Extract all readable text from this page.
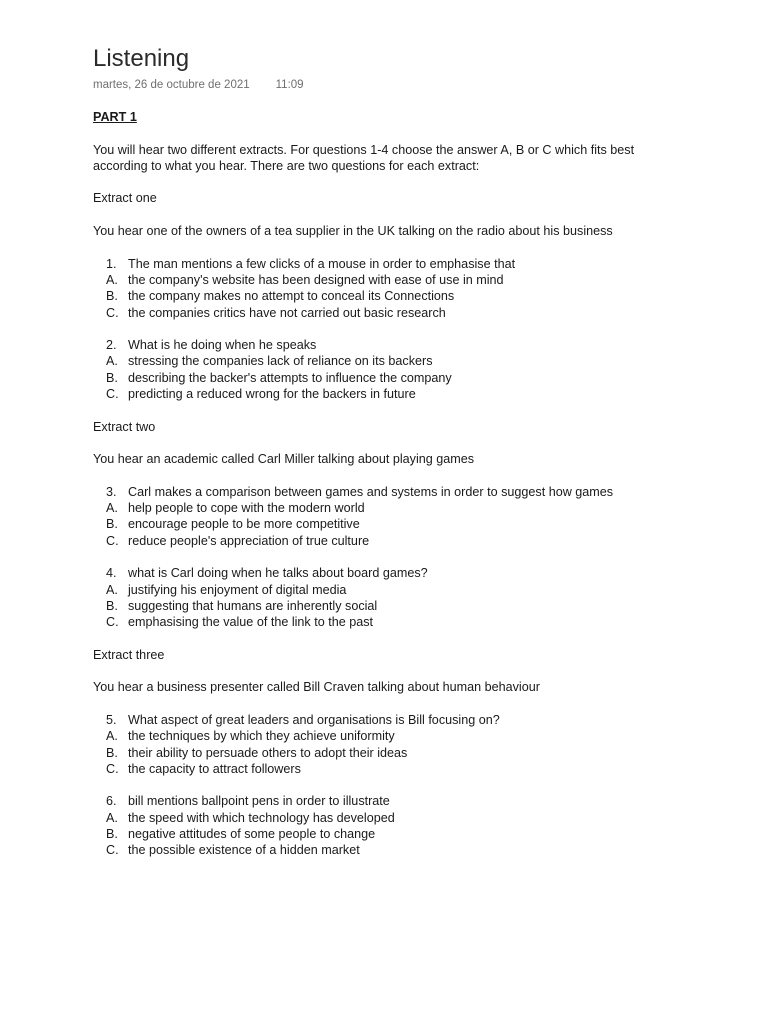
Listening
martes, 26 de octubre de 2021 11:09

PART 1

You will hear two different extracts. For questions 1-4 choose the answer A, B or C which fits best

according to what you hear. There are two questions for each extract:

Extract one

You hear one of the owners of a tea supplier in the UK talking on the radio about his business

1. The man mentions a few clicks of a mouse in order to emphasise that
A. the company's website has been designed with ease of use in mind
B. the company makes no attempt to conceal its Connections
C. the companies critics have not carried out basic research
2. What is he doing when he speaks
A. stressing the companies lack of reliance on its backers
B. describing the backer's attempts to influence the company
C. predicting a reduced wrong for the backers in future

Extract two

You hear an academic called Carl Miller talking about playing games

3. Carl makes a comparison between games and systems in order to suggest how games
A. help people to cope with the modern world
B. encourage people to be more competitive
C. reduce people's appreciation of true culture
4. what is Carl doing when he talks about board games?
A. justifying his enjoyment of digital media
B. suggesting that humans are inherently social
C. emphasising the value of the link to the past

Extract three

You hear a business presenter called Bill Craven talking about human behaviour

5. What aspect of great leaders and organisations is Bill focusing on?
A. the techniques by which they achieve uniformity
B. their ability to persuade others to adopt their ideas
C. the capacity to attract followers
6. bill mentions ballpoint pens in order to illustrate
A. the speed with which technology has developed
B. negative attitudes of some people to change
C. the possible existence of a hidden market
